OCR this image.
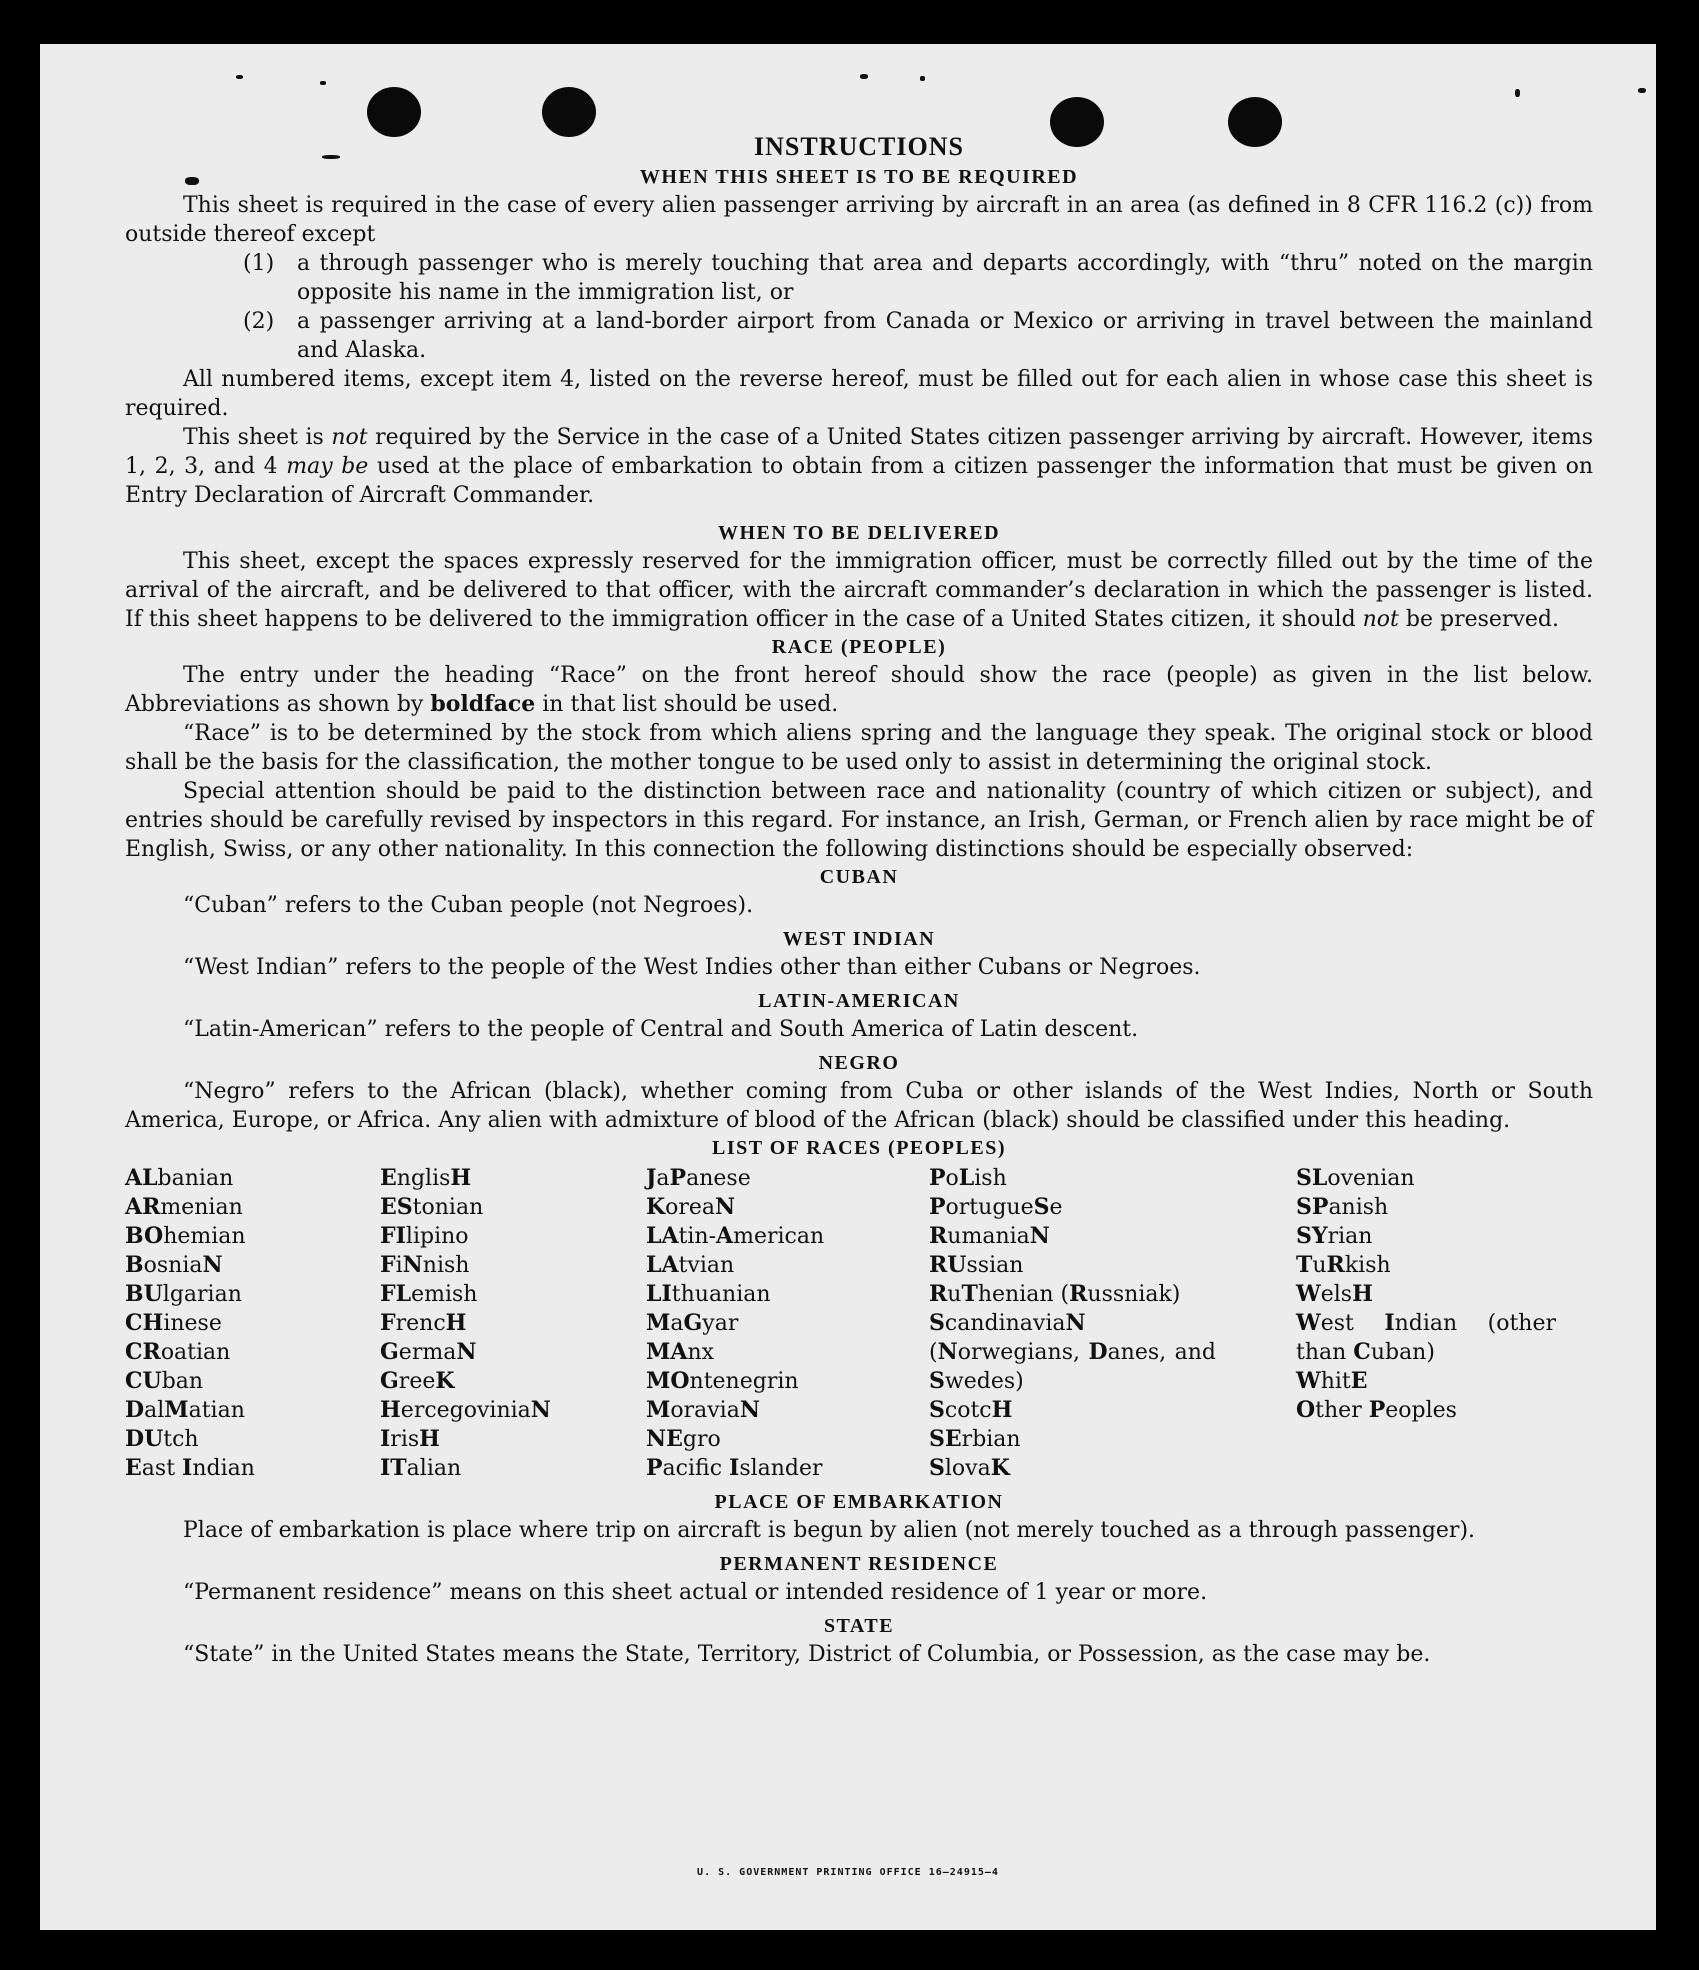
INSTRUCTIONS
WHEN THIS SHEET IS TO BE REQUIRED

This sheet is required in the case of every alien passenger arriving by aircraft in an area (as defined in 8 CFR 116.2 (c)) from outside thereof except

(1)	a through passenger who is merely touching that area and departs accordingly, with “thru” noted on the margin opposite his name in the immigration list, or
(2)	a passenger arriving at a land-border airport from Canada or Mexico or arriving in travel between the mainland and Alaska.

All numbered items, except item 4, listed on the reverse hereof, must be filled out for each alien in whose case this sheet is required.

This sheet is not required by the Service in the case of a United States citizen passenger arriving by aircraft. However, items 1, 2, 3, and 4 may be used at the place of embarkation to obtain from a citizen passenger the information that must be given on Entry Declaration of Aircraft Commander.

WHEN TO BE DELIVERED

This sheet, except the spaces expressly reserved for the immigration officer, must be correctly filled out by the time of the arrival of the aircraft, and be delivered to that officer, with the aircraft commander’s declaration in which the passenger is listed. If this sheet happens to be delivered to the immigration officer in the case of a United States citizen, it should not be preserved.

RACE (PEOPLE)

The entry under the heading “Race” on the front hereof should show the race (people) as given in the list below. Abbreviations as shown by boldface in that list should be used.

“Race” is to be determined by the stock from which aliens spring and the language they speak. The original stock or blood shall be the basis for the classification, the mother tongue to be used only to assist in determining the original stock.

Special attention should be paid to the distinction between race and nationality (country of which citizen or subject), and entries should be carefully revised by inspectors in this regard. For instance, an Irish, German, or French alien by race might be of English, Swiss, or any other nationality. In this connection the following distinctions should be especially observed:

CUBAN

“Cuban” refers to the Cuban people (not Negroes).

WEST INDIAN

“West Indian” refers to the people of the West Indies other than either Cubans or Negroes.

LATIN-AMERICAN

“Latin-American” refers to the people of Central and South America of Latin descent.

NEGRO

“Negro” refers to the African (black), whether coming from Cuba or other islands of the West Indies, North or South America, Europe, or Africa. Any alien with admixture of blood of the African (black) should be classified under this heading.

LIST OF RACES (PEOPLES)
ALbanian
ARmenian
BOhemian
BosniaN
BUlgarian
CHinese
CRoatian
CUban
DalMatian
DUtch
East Indian
EnglisH
EStonian
FIlipino
FiNnish
FLemish
FrencH
GermaN
GreeK
HercegoviniaN
IrisH
ITalian
JaPanese
KoreaN
LAtin-American
LAtvian
LIthuanian
MaGyar
MAnx
MOntenegrin
MoraviaN
NEgro
Pacific Islander
PoLish
PortugueSe
RumaniaN
RUssian
RuThenian (Russniak)
ScandinaviaN (Norwegians, Danes, and Swedes)
ScotcH
SErbian
SlovaK
SLovenian
SPanish
SYrian
TuRkish
WelsH
West Indian (other than Cuban)
WhitE
Other Peoples
PLACE OF EMBARKATION

Place of embarkation is place where trip on aircraft is begun by alien (not merely touched as a through passenger).

PERMANENT RESIDENCE

“Permanent residence” means on this sheet actual or intended residence of 1 year or more.

STATE

“State” in the United States means the State, Territory, District of Columbia, or Possession, as the case may be.

U. S. GOVERNMENT PRINTING OFFICE 16—24915–4
